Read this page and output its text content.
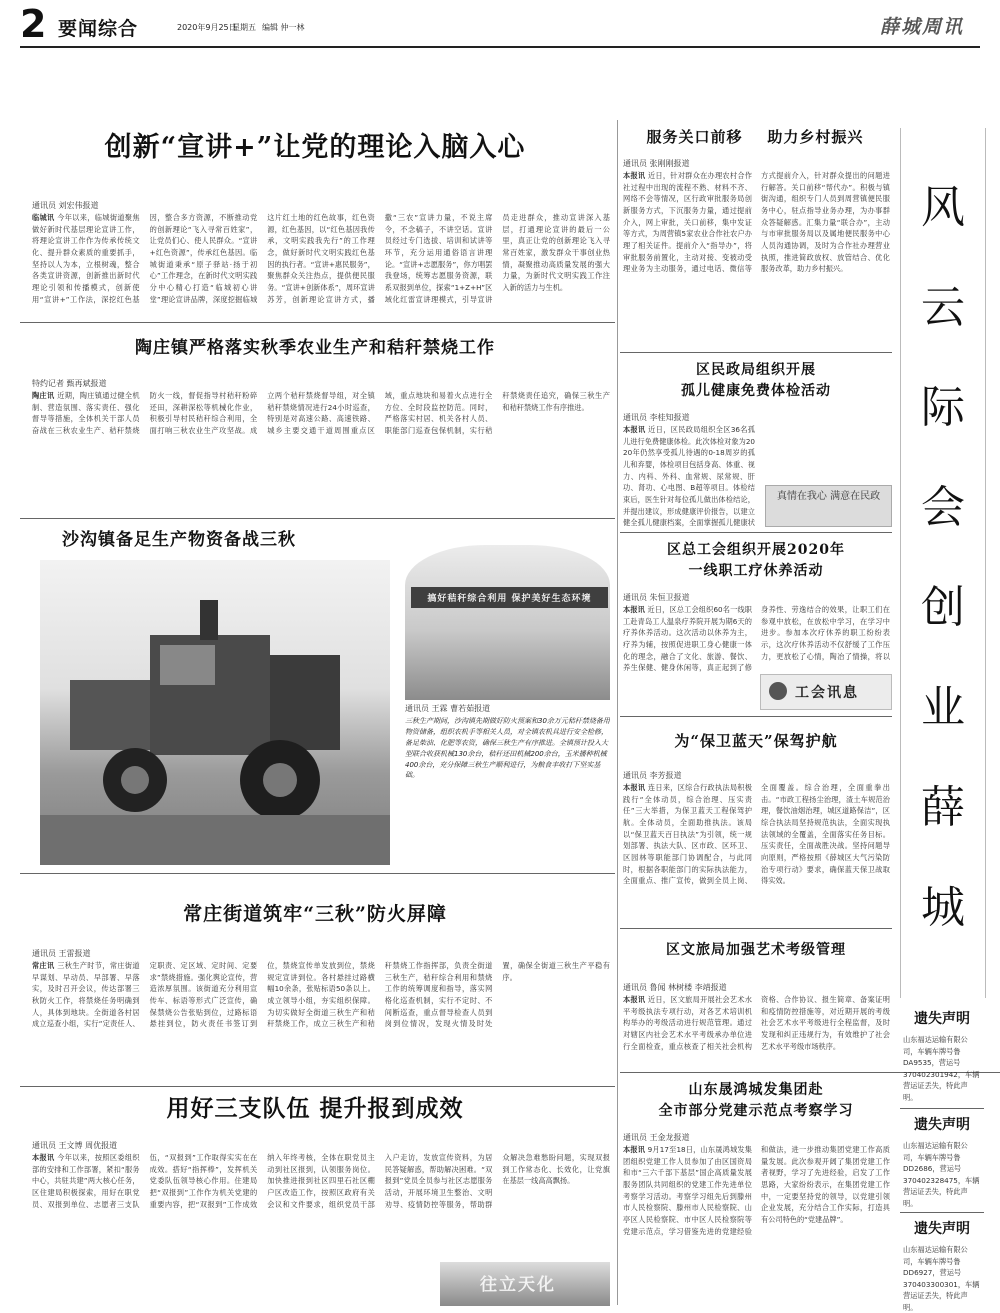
2 要闻综合	2020年9月25日
星期五 编辑 仲一林	薛城周讯
创新“宣讲+”让党的理论入脑入心
通讯员 刘宏伟报道
临城讯 今年以来，临城街道聚焦做好新时代基层理论宣讲工作，将理论宣讲工作作为传承传统文化、提升群众素质的重要抓手，坚持以人为本，立根树魂，整合各类宣讲资源，创新推出新时代理论引领和传播模式，创新使用“宣讲+”工作法，深挖红色基因，整合多方资源，不断推动党的创新理论“飞入寻常百姓家”，让党员们心、使人民群众。“宣讲+红色资源”，传承红色基因。临城街道秉承“原子驿站·扬于初心”工作理念，在新时代文明实践分中心精心打造“临城初心讲堂”理论宣讲品牌，深度挖掘临城这片红土地的红色故事，红色资源，红色基因，以“红色基因我传承，文明实践我先行”的工作理念，做好新时代文明实践红色基因的执行者。“宣讲+惠民服务”，聚焦群众关注热点，提供便民服务。“宣讲+创新体系”，周环宣讲苏芳，创新理论宣讲方式，播撒“三农”宣讲力量，不说主席令，不念稿子，不讲空话。宣讲员经过专门选拔、培训和试讲等环节，充分运用通俗语言讲理论。“宣讲+志愿服务”，你方唱罢我登场，统筹志愿服务资源，联系双报到单位，探索“1+Z+H”区域化红雷宣讲理模式，引导宣讲员走进群众，推动宣讲深入基层，打通理论宣讲的最后一公里，真正让党的创新理论飞入寻常百姓家，激发群众干事创业热情，凝聚推动高质量发展的强大力量，为新时代文明实践工作注入新的活力与生机。
陶庄镇严格落实秋季农业生产和秸秆禁烧工作
特约记者 甄再斌报道
陶庄讯 近期，陶庄镇通过健全机制、营造氛围、落实责任、强化督导等措施，全体机关干部人员奋战在三秋农业生产、秸秆禁烧防火一线，督促指导村秸秆粉碎还田，深耕深松等机械化作业，积极引导村民秸秆综合利用，全面打响三秋农业生产攻坚战。成立两个秸秆禁烧督导组，对全镇秸秆禁烧情况进行24小时巡查，特别是对高速公路、高速铁路、城乡主要交通干道周围重点区域，重点地块和易着火点进行全方位、全时段监控防范。同时，严格落实村居、机关各村人员、职能部门巡查包保机制，实行秸秆禁烧责任追究，确保三秋生产和秸秆禁烧工作有序推进。
沙沟镇备足生产物资备战三秋
搞好秸秆综合利用 保护美好生态环境
通讯员 王霖 曹若茹报道
三秋生产期间，沙沟镇先期做好防火预案和30余万元秸秆禁烧备用物资储备，组织农机手等相关人员，对全镇农机具进行安全检修，备足柴油、化肥等农资，确保三秋生产有序推进。全镇预计投入大型联合收获机械130余台，秸秆还田机械200余台，玉米播种机械400余台，充分保障三秋生产顺利进行，为粮食丰收打下坚实基础。
常庄街道筑牢“三秋”防火屏障
通讯员 王雷报道
常庄讯 三秋生产时节，常庄街道早谋划、早动员、早部署、早落实，及时召开会议，传达部署三秋防火工作，将禁烧任务明确到人，具体到地块。全街道各村居成立巡查小组，实行“定责任人、定职责、定区域、定时间、定要求”禁烧措施。强化舆论宣传，营造浓厚氛围。该街道充分利用宣传车、标语等形式广泛宣传，确保禁烧公告张贴到位，过路标语悬挂到位，防火责任书签订到位，禁烧宣传单发放到位，禁烧规定宣讲到位。各村悬挂过路横幅10余条，张贴标语50条以上。成立领导小组，夯实组织保障。为切实做好全街道三秋生产和秸秆禁烧工作，成立三秋生产和秸秆禁烧工作指挥部，负责全街道三秋生产，秸秆综合利用和禁烧工作的统筹调度和指导，落实网格化巡查机制，实行不定时、不间断巡查，重点督导检查人员到岗到位情况，发现火情及时处置，确保全街道三秋生产平稳有序。
用好三支队伍 提升报到成效
通讯员 王文博 周优报道
本报讯 今年以来，按照区委组织部的安排和工作部署，紧扣“服务中心，共驻共建”两大核心任务，区住建局积极探索，用好在职党员、双报到单位、志愿者三支队伍，“双报到”工作取得实实在在成效。搭好“指挥棒”，发挥机关党委队伍领导核心作用。住建局把“双报到”工作作为机关党建的重要内容，把“双报到”工作成效纳入年终考核，全体在职党员主动到社区报到，认领服务岗位。加快推进报到社区四里石社区棚户区改造工作，按照区政府有关会议和文件要求，组织党员干部入户走访，发放宣传资料，为居民答疑解惑，帮助解决困难。“双报到”党员全员参与社区志愿服务活动，开展环境卫生整治、文明劝导、疫情防控等服务，帮助群众解决急难愁盼问题，实现双报到工作常态化、长效化，让党旗在基层一线高高飘扬。
往立天化
服务关口前移    助力乡村振兴
通讯员 张刚刚报道
本报讯 近日，针对群众在办理农村合作社过程中出现的流程不熟、材料不齐、网络不会等情况，区行政审批服务局创新服务方式，下沉服务力量，通过提前介入，网上审批，关口前移，集中发证等方式，为周营镇5家农业合作社农户办理了相关证件。提前介入“指导办”，将审批服务前置化，主动对接、变被动受理业务为主动服务，通过电话、微信等方式提前介入，针对群众提出的问题进行解答。关口前移“帮代办”。积极与镇街沟通，组织专门人员到周营镇便民服务中心，驻点指导业务办理，为办事群众答疑解惑。汇集力量“联合办”，主动与市审批服务局以及属地便民服务中心人员沟通协调，及时为合作社办理营业执照，推进简政放权、放管结合、优化服务改革，助力乡村振兴。
区民政局组织开展
孤儿健康免费体检活动
通讯员 李桂知报道
本报讯 近日，区民政局组织全区36名孤儿进行免费健康体检。此次体检对象为2020年仍然享受孤儿待遇的0-18周岁的孤儿和弃婴，体检项目包括身高、体重、视力、内科、外科、血常规、尿常规、肝功、肾功、心电图、B超等项目。体检结束后，医生针对每位孤儿做出体检结论，并提出建议，形成健康评价报告，以建立健全孤儿健康档案，全面掌握孤儿健康状
真情在我心 满意在民政
区总工会组织开展2020年
一线职工疗休养活动
通讯员 朱恒卫报道
本报讯 近日，区总工会组织60名一线职工赴青岛工人温泉疗养院开展为期6天的疗养休养活动。这次活动以休养为主，疗养为辅，按照促进职工身心健康一体化的理念，融合了文化、旅游、餐饮、养生保健、健身休闲等，真正起到了修身养性、劳逸结合的效果，让职工们在参观中放松，在放松中学习，在学习中进步。参加本次疗休养的职工纷纷表示，这次疗休养活动不仅舒缓了工作压力，更放松了心情，陶冶了情操，将以
工会讯息
为“保卫蓝天”保驾护航
通讯员 李芳报道
本报讯 连日来，区综合行政执法局积极践行“全体动员，综合治理、压实责任”三大举措，为保卫蓝天工程保驾护航。全体动员，全面助推执法。该局以“保卫蓝天百日执法”为引领，统一规划部署、执法大队、区市政、区环卫、区园林等职能部门协调配合，与此同时，根据各职能部门的实际执法能力，全面重点、推广宣传，做到全员上岗、全面覆盖。综合治理，全面重拳出击。“市政工程扬尘治理，渣土车规范治理，餐饮油烟治理，城区道路保洁”，区综合执法局坚持规范执法，全面实现执法领域的全覆盖，全面落实任务目标。压实责任，全面战胜决战。坚持问题导向原则，严格按照《薛城区大气污染防治专项行动》要求，确保蓝天保卫战取得实效。
区文旅局加强艺术考级管理
通讯员 鲁闻 林树楼 李靖报道
本报讯 近日，区文旅局开展社会艺术水平考级执法专项行动，对各艺术培训机构举办的考级活动进行规范管理。通过对辖区内社会艺术水平考级承办单位进行全面检查，重点核查了相关社会机构资格、合作协议、报生简章、备案证明和疫情防控措施等，对近期开展的考级社会艺术水平考级进行全程监督，及时发现和纠正违规行为，有效维护了社会艺术水平考级市场秩序。
山东晟鸿城发集团赴
全市部分党建示范点考察学习
通讯员 王金龙报道
本报讯 9月17至18日，山东晟鸿城发集团组织党建工作人员参加了由区国资局和市“三六千部下基层”国企高质量发展服务团队共同组织的党建工作先进单位考察学习活动。考察学习组先后到滕州市人民检察院、滕州市人民检察院、山亭区人民检察院、市中区人民检察院等党建示范点，学习借鉴先进的党建经验和做法，进一步推动集团党建工作高质量发展。此次参观开阔了集团党建工作者视野，学习了先进经验，启发了工作思路，大家纷纷表示，在集团党建工作中，一定要坚持党的领导，以党建引领企业发展，充分结合工作实际，打造具有公司特色的“党建品牌”。
风云际会创业薛城
遗失声明
山东福达运输有限公司，车辆车牌号鲁DA9535，营运号370402301942，车辆营运证丢失，特此声明。
遗失声明
山东福达运输有限公司，车辆车牌号鲁DD2686，营运号370402328475，车辆营运证丢失，特此声明。
遗失声明
山东福达运输有限公司，车辆车牌号鲁DD6927，营运号370403300301，车辆营运证丢失，特此声明。
